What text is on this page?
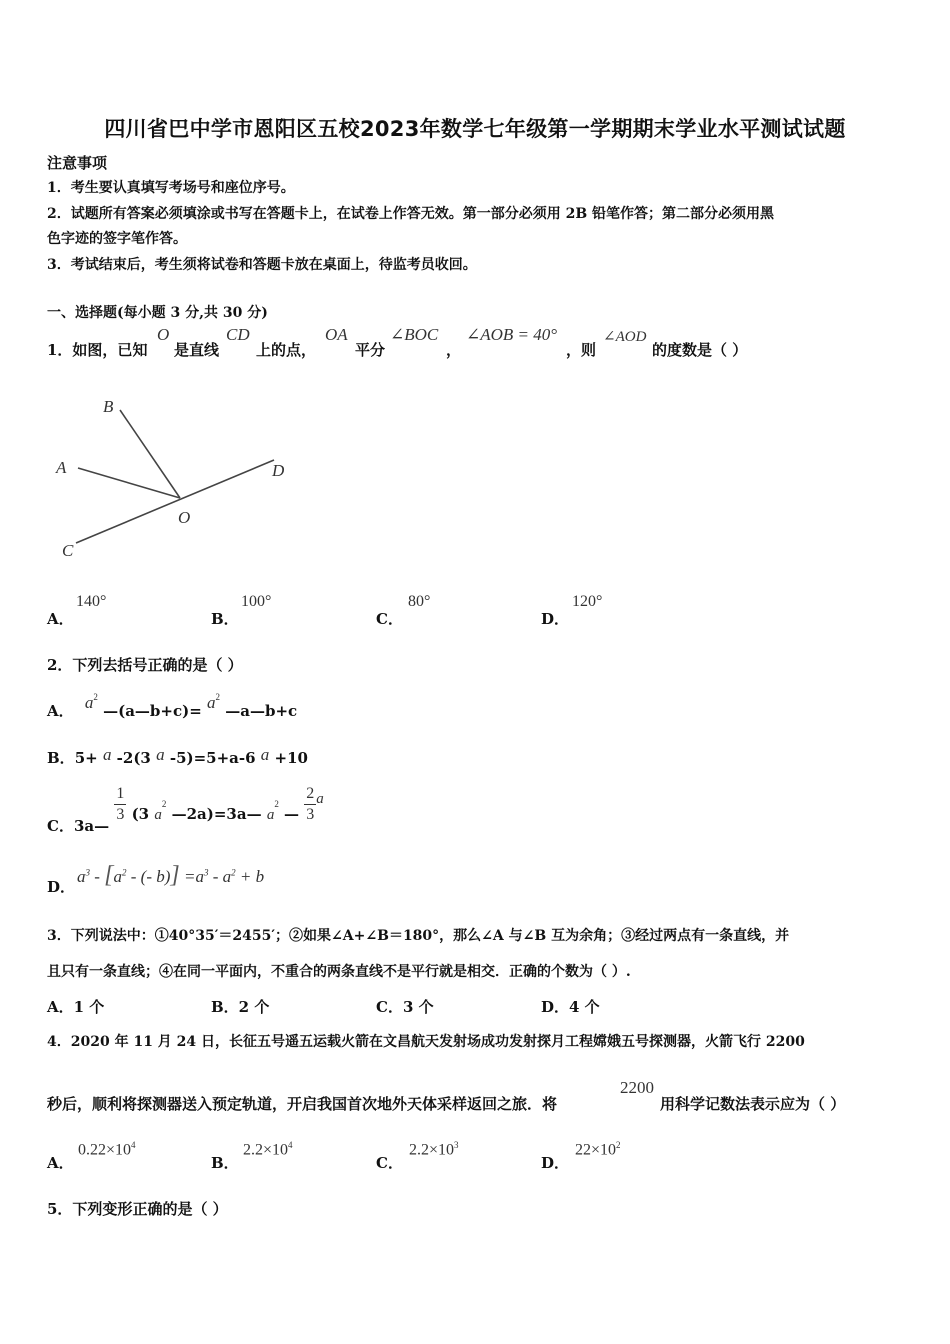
四川省巴中学市恩阳区五校2023年数学七年级第一学期期末学业水平测试试题
注意事项
1．考生要认真填写考场号和座位序号。
2．试题所有答案必须填涂或书写在答题卡上，在试卷上作答无效。第一部分必须用 2B 铅笔作答；第二部分必须用黑
色字迹的签字笔作答。
3．考试结束后，考生须将试卷和答题卡放在桌面上，待监考员收回。
一、选择题(每小题 3 分,共 30 分)
1．如图，已知
O
是直线
CD
上的点，
OA
平分
∠BOC
，
∠AOB = 40°
，则
∠AOD
的度数是（ ）
B
A	D
O
C
A．
140°
B．
100°
C．
80°
D．
120°
2．下列去括号正确的是（ ）
A． $a^2$ —(a—b+c)= $a^2$ —a—b+c
B．5+ a -2(3 a -5)=5+a-6 a +10
C．3a—
$\frac{1}{3} (3$ $a^2$ —2a)=3a— $a^2$ — $\frac{2}{3}$ a
D．
$a^3 - [a^2$ - (- $b)] =a^3 - a^2 + b$
3．下列说法中：①40°35′＝2455′；②如果∠A+∠B＝180°，那么∠A 与∠B 互为余角；③经过两点有一条直线，并
且只有一条直线；④在同一平面内，不重合的两条直线不是平行就是相交．正确的个数为（ ）.
A．1 个	B．2 个	C．3 个	D．4 个
4．2020 年 11 月 24 日，长征五号遥五运载火箭在文昌航天发射场成功发射探月工程嫦娥五号探测器，火箭飞行 2200
秒后，顺利将探测器送入预定轨道，开启我国首次地外天体采样返回之旅．将
2200
用科学记数法表示应为（ ）
A．
$0.22\times 10^4$
B．
$2.2\times 10^4$
C．
$2.2\times 10^3$
D．
$22\times 10^2$
5．下列变形正确的是（ ）
